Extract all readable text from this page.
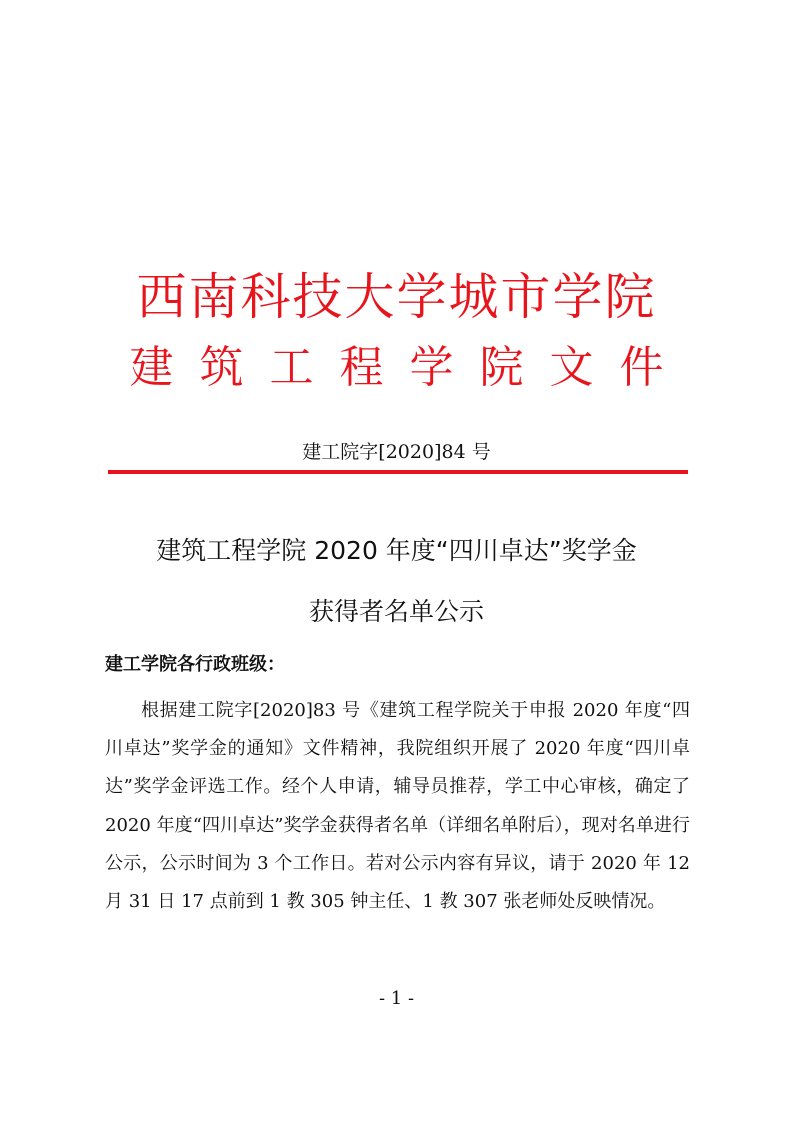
西南科技大学城市学院
建筑工程学院文件
建工院字[2020]84 号
建筑工程学院 2020 年度“四川卓达”奖学金
获得者名单公示
建工学院各行政班级：

根据建工院字[2020]83 号《建筑工程学院关于申报 2020 年度“四川卓达”奖学金的通知》文件精神，我院组织开展了 2020 年度“四川卓达”奖学金评选工作。经个人申请，辅导员推荐，学工中心审核，确定了 2020 年度“四川卓达”奖学金获得者名单（详细名单附后），现对名单进行公示，公示时间为 3 个工作日。若对公示内容有异议，请于 2020 年 12 月 31 日 17 点前到 1 教 305 钟主任、1 教 307 张老师处反映情况。

- 1 -
